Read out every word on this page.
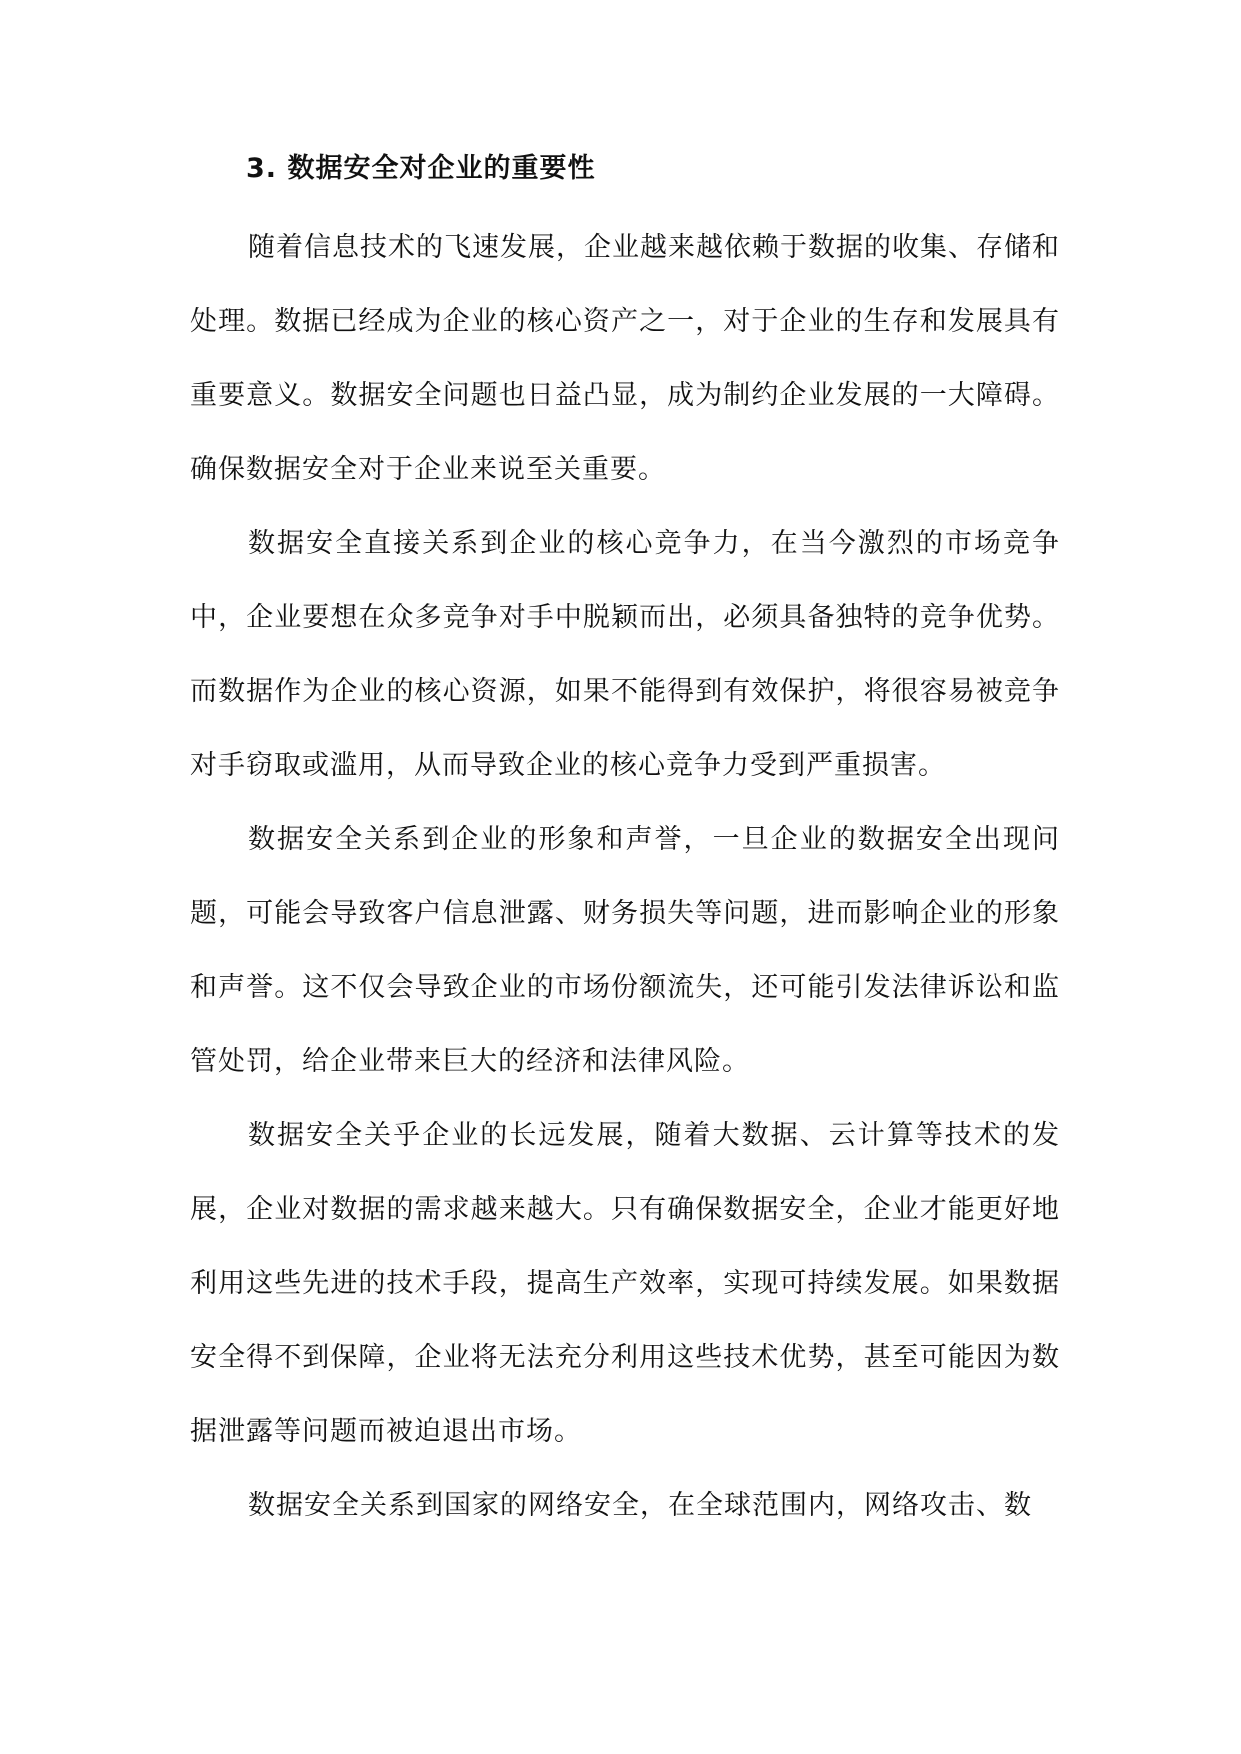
3. 数据安全对企业的重要性

随着信息技术的飞速发展，企业越来越依赖于数据的收集、存储和处理。数据已经成为企业的核心资产之一，对于企业的生存和发展具有重要意义。数据安全问题也日益凸显，成为制约企业发展的一大障碍。确保数据安全对于企业来说至关重要。

数据安全直接关系到企业的核心竞争力，在当今激烈的市场竞争中，企业要想在众多竞争对手中脱颖而出，必须具备独特的竞争优势。而数据作为企业的核心资源，如果不能得到有效保护，将很容易被竞争对手窃取或滥用，从而导致企业的核心竞争力受到严重损害。

数据安全关系到企业的形象和声誉，一旦企业的数据安全出现问题，可能会导致客户信息泄露、财务损失等问题，进而影响企业的形象和声誉。这不仅会导致企业的市场份额流失，还可能引发法律诉讼和监管处罚，给企业带来巨大的经济和法律风险。

数据安全关乎企业的长远发展，随着大数据、云计算等技术的发展，企业对数据的需求越来越大。只有确保数据安全，企业才能更好地利用这些先进的技术手段，提高生产效率，实现可持续发展。如果数据安全得不到保障，企业将无法充分利用这些技术优势，甚至可能因为数据泄露等问题而被迫退出市场。

数据安全关系到国家的网络安全，在全球范围内，网络攻击、数
